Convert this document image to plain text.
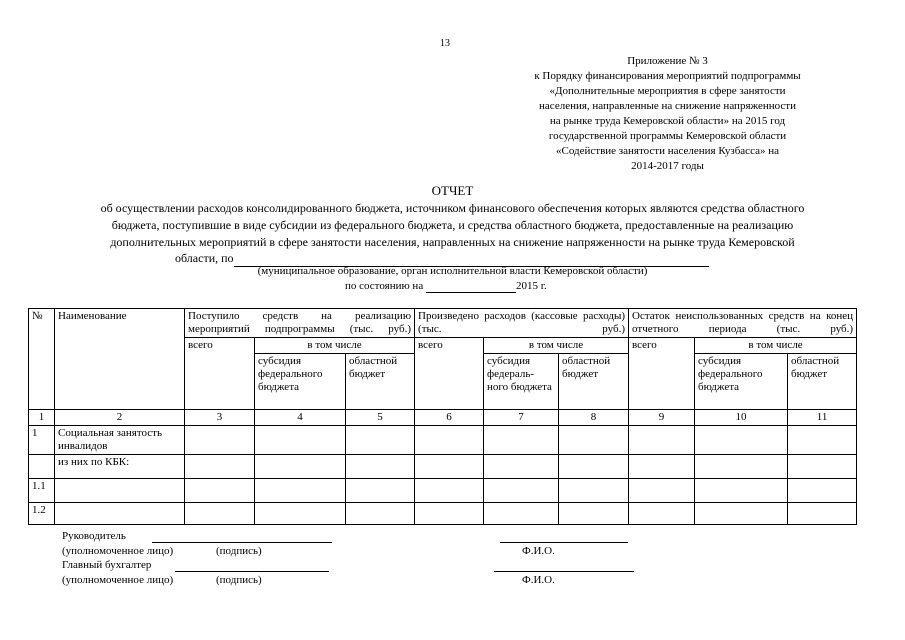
13
Приложение № 3
к Порядку финансирования мероприятий подпрограммы
«Дополнительные мероприятия в сфере занятости
населения, направленные на снижение напряженности
на рынке труда Кемеровской области» на 2015 год
государственной программы Кемеровской области
«Содействие занятости населения Кузбасса» на
2014-2017 годы
ОТЧЕТ
об осуществлении расходов консолидированного бюджета, источником финансового обеспечения которых являются средства областного
бюджета, поступившие в виде субсидии из федерального бюджета, и средства областного бюджета, предоставленные на реализацию
дополнительных мероприятий в сфере занятости населения, направленных на снижение напряженности на рынке труда Кемеровской
области, по
(муниципальное образование, орган исполнительной власти Кемеровской области)
по состоянию на	2015 г.
№	Наименование	Поступило средств на реализацию мероприятий подпрограммы (тыс. руб.)			Произведено расходов (кассовые расходы) (тыс. руб.)			Остаток неиспользованных средств на конец отчетного периода (тыс. руб.)		
		всего	в том числе		всего	в том числе		всего	в том числе	
			субсидия федерального бюджета	областной бюджет		субсидия федераль-ного бюджета	областной бюджет		субсидия федерального бюджета	областной бюджет
1	2	3	4	5	6	7	8	9	10	11
1	Социальная занятость инвалидов									
	из них по КБК:									
1.1										
1.2										
Руководитель
(уполномоченное лицо)	(подпись)	Ф.И.О.
Главный бухгалтер
(уполномоченное лицо)	(подпись)	Ф.И.О.
